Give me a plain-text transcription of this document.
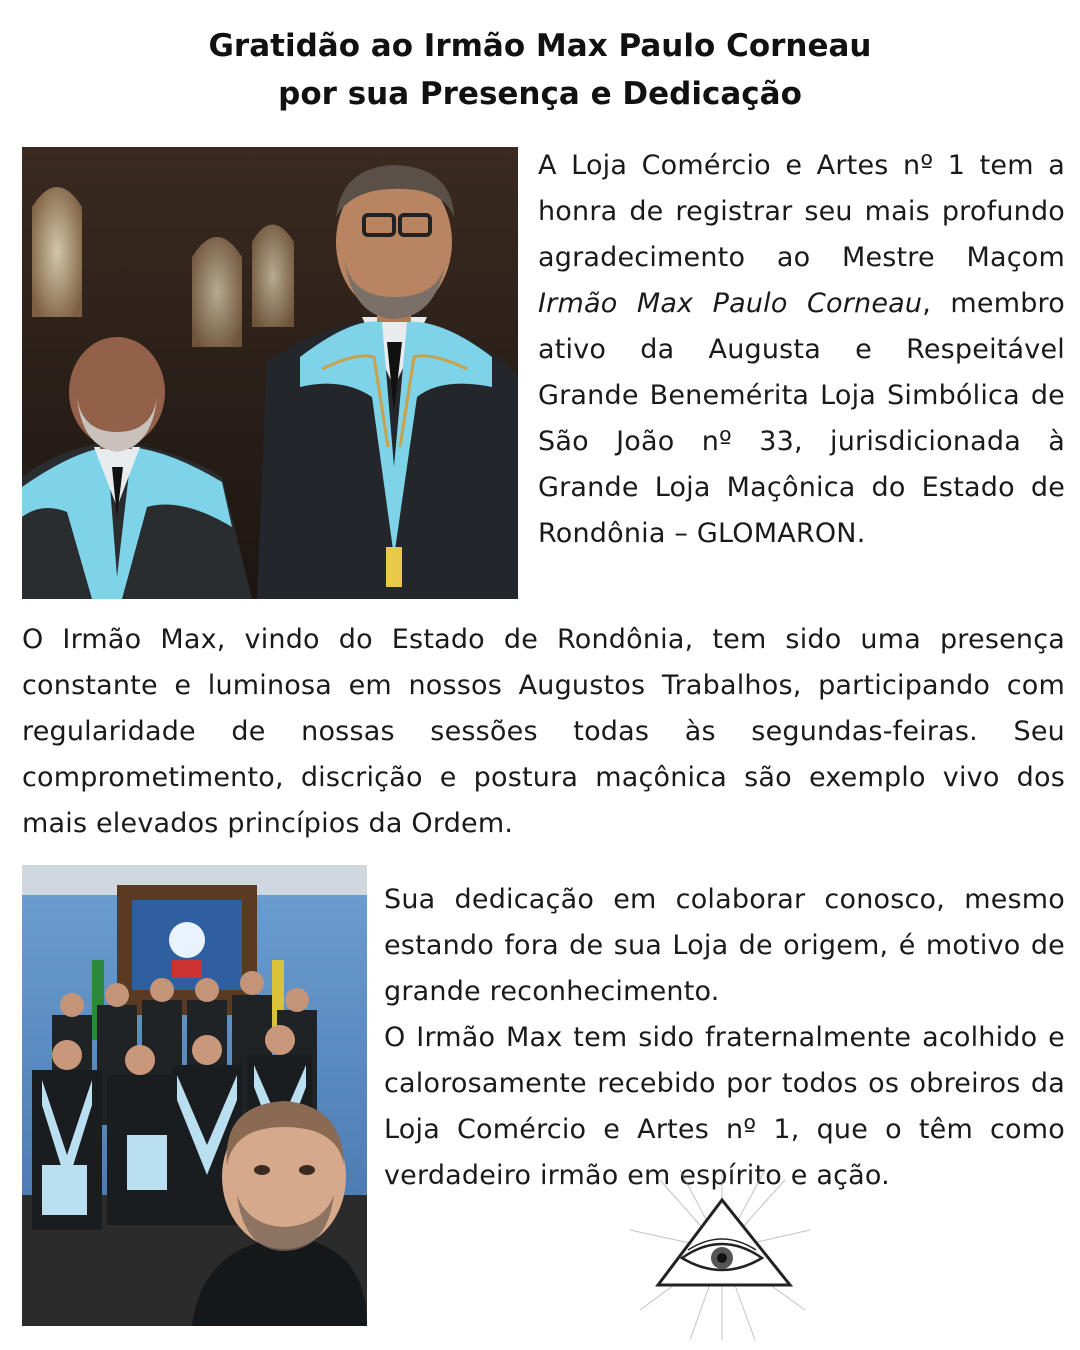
Gratidão ao Irmão Max Paulo Corneau
por sua Presença e Dedicação

A Loja Comércio e Artes nº 1 tem a honra de registrar seu mais profundo agradecimento ao Mestre Maçom Irmão Max Paulo Corneau, membro ativo da Augusta e Respeitável Grande Benemérita Loja Simbólica de São João nº 33, jurisdicionada à Grande Loja Maçônica do Estado de Rondônia – GLOMARON.

O Irmão Max, vindo do Estado de Rondônia, tem sido uma presença constante e luminosa em nossos Augustos Trabalhos, participando com regularidade de nossas sessões todas às segundas-feiras. Seu comprometimento, discrição e postura maçônica são exemplo vivo dos mais elevados princípios da Ordem.

Sua dedicação em colaborar conosco, mesmo estando fora de sua Loja de origem, é motivo de grande reconhecimento.

O Irmão Max tem sido fraternalmente acolhido e calorosamente recebido por todos os obreiros da Loja Comércio e Artes nº 1, que o têm como verdadeiro irmão em espírito e ação.
